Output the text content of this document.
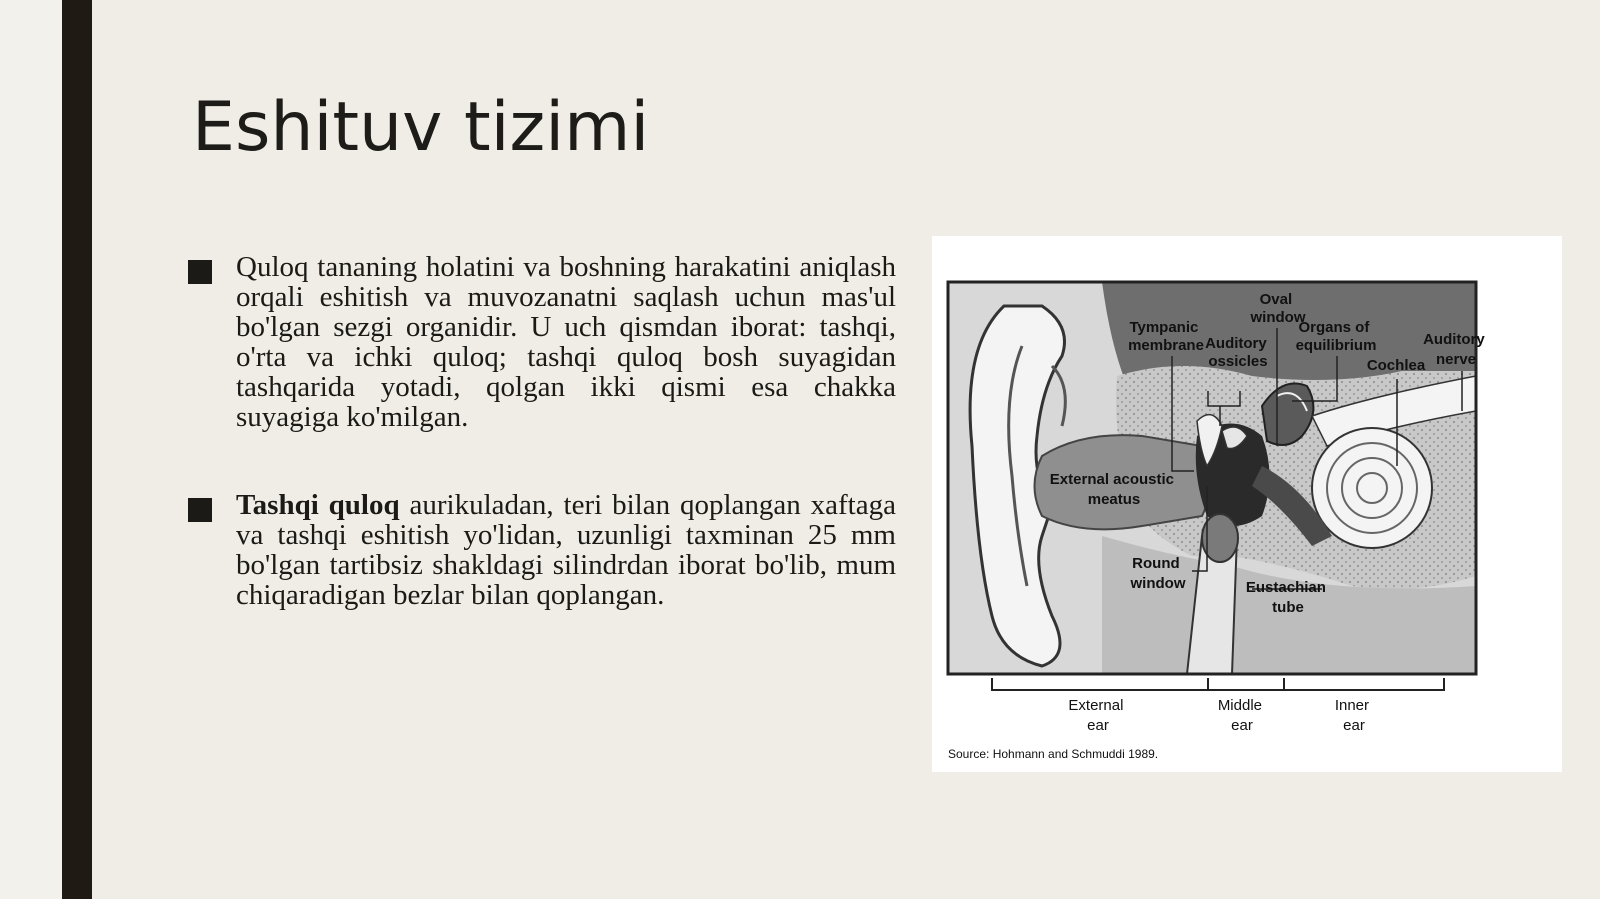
Eshituv tizimi
Quloq tananing holatini va boshning harakatini aniqlash orqali eshitish va muvozanatni saqlash uchun mas'ul bo'lgan sezgi organidir. U uch qismdan iborat: tashqi, o'rta va ichki quloq; tashqi quloq bosh suyagidan tashqarida yotadi, qolgan ikki qismi esa chakka suyagiga ko'milgan.
Tashqi quloq aurikuladan, teri bilan qoplangan xaftaga va tashqi eshitish yo'lidan, uzunligi taxminan 25 mm bo'lgan tartibsiz shakldagi silindrdan iborat bo'lib, mum chiqaradigan bezlar bilan qoplangan.
Oval window
Tympanic membrane Auditory ossicles
Organs of equilibrium
Cochlea
Auditory nerve
External acoustic meatus
Round window	Eustachian tube
External ear
Middle ear
Inner ear
Source: Hohmann and Schmuddi 1989.
